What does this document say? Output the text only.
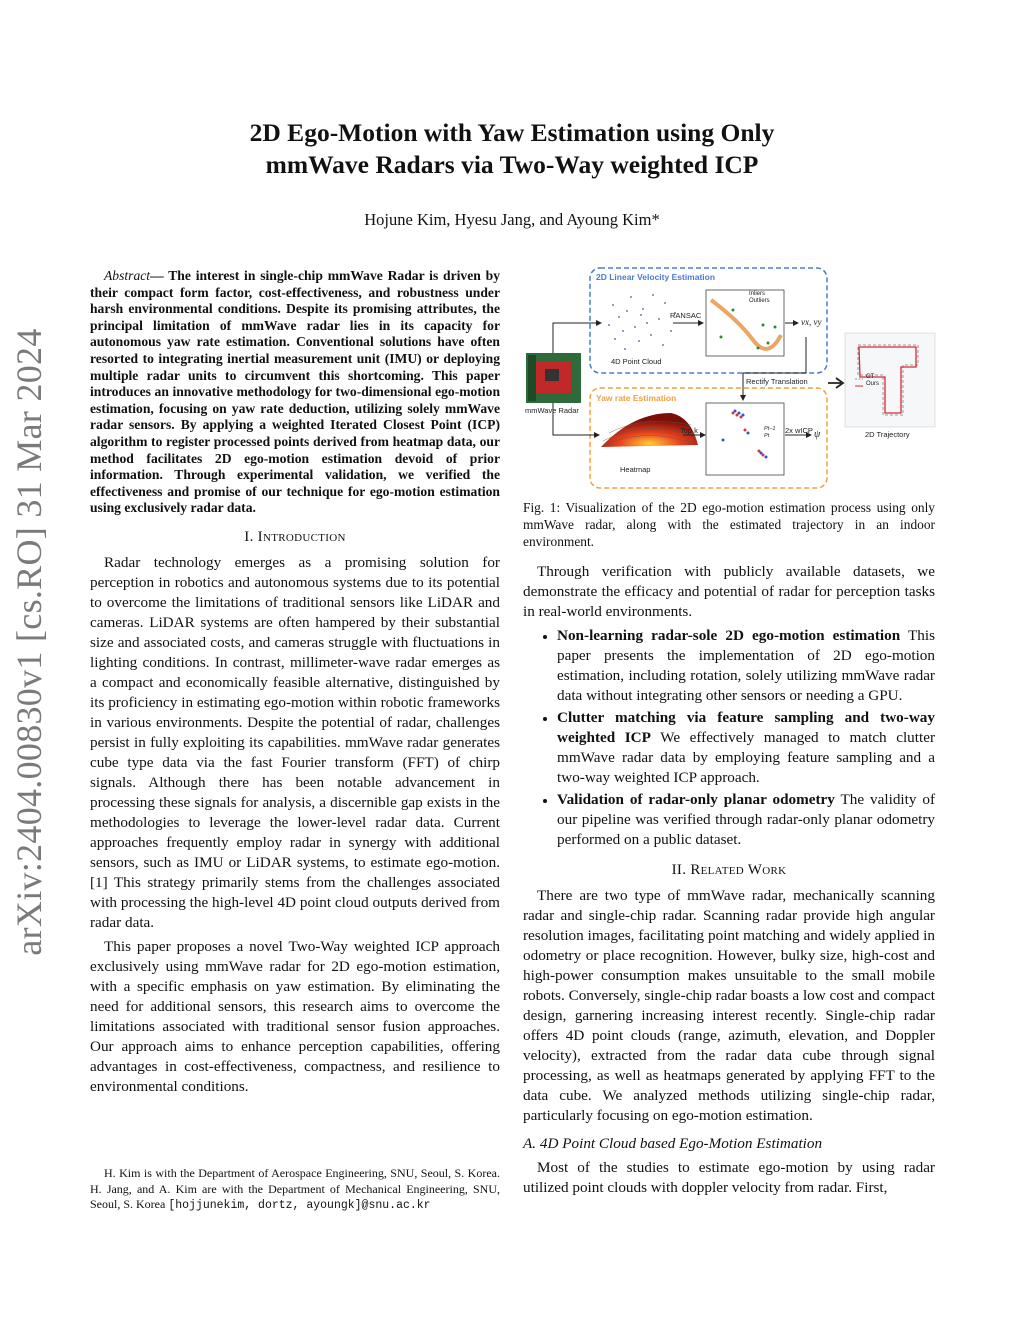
arXiv:2404.00830v1 [cs.RO] 31 Mar 2024
2D Ego-Motion with Yaw Estimation using Only
mmWave Radars via Two-Way weighted ICP
Hojune Kim, Hyesu Jang, and Ayoung Kim*

Abstract— The interest in single-chip mmWave Radar is driven by their compact form factor, cost-effectiveness, and robustness under harsh environmental conditions. Despite its promising attributes, the principal limitation of mmWave radar lies in its capacity for autonomous yaw rate estimation. Conventional solutions have often resorted to integrating inertial measurement unit (IMU) or deploying multiple radar units to circumvent this shortcoming. This paper introduces an innovative methodology for two-dimensional ego-motion estimation, focusing on yaw rate deduction, utilizing solely mmWave radar sensors. By applying a weighted Iterated Closest Point (ICP) algorithm to register processed points derived from heatmap data, our method facilitates 2D ego-motion estimation devoid of prior information. Through experimental validation, we verified the effectiveness and promise of our technique for ego-motion estimation using exclusively radar data.

I. Introduction

Radar technology emerges as a promising solution for perception in robotics and autonomous systems due to its potential to overcome the limitations of traditional sensors like LiDAR and cameras. LiDAR systems are often hampered by their substantial size and associated costs, and cameras struggle with fluctuations in lighting conditions. In contrast, millimeter-wave radar emerges as a compact and economically feasible alternative, distinguished by its proficiency in estimating ego-motion within robotic frameworks in various environments. Despite the potential of radar, challenges persist in fully exploiting its capabilities. mmWave radar generates cube type data via the fast Fourier transform (FFT) of chirp signals. Although there has been notable advancement in processing these signals for analysis, a discernible gap exists in the methodologies to leverage the lower-level radar data. Current approaches frequently employ radar in synergy with additional sensors, such as IMU or LiDAR systems, to estimate ego-motion.[1] This strategy primarily stems from the challenges associated with processing the high-level 4D point cloud outputs derived from radar data.

This paper proposes a novel Two-Way weighted ICP approach exclusively using mmWave radar for 2D ego-motion estimation, with a specific emphasis on yaw estimation. By eliminating the need for additional sensors, this research aims to overcome the limitations associated with traditional sensor fusion approaches. Our approach aims to enhance perception capabilities, offering advantages in cost-effectiveness, compactness, and resilience to environmental conditions.

H. Kim is with the Department of Aerospace Engineering, SNU, Seoul, S. Korea. H. Jang, and A. Kim are with the Department of Mechanical Engineering, SNU, Seoul, S. Korea [hojjunekim, dortz, ayoungk]@snu.ac.kr
2D Linear Velocity Estimation
Yaw rate Estimation
4D Point Cloud
RANSAC
Inliers
Outliers
vx, vy
mmWave Radar
Rectify Translation
Top k	2x wICP ψ
Heatmap
Pt−1
Pt
GT
Ours
2D Trajectory
Fig. 1: Visualization of the 2D ego-motion estimation process using only mmWave radar, along with the estimated trajectory in an indoor environment.

Through verification with publicly available datasets, we demonstrate the efficacy and potential of radar for perception tasks in real-world environments.

• Non-learning radar-sole 2D ego-motion estimation This paper presents the implementation of 2D ego-motion estimation, including rotation, solely utilizing mmWave radar data without integrating other sensors or needing a GPU.
• Clutter matching via feature sampling and two-way weighted ICP We effectively managed to match clutter mmWave radar data by employing feature sampling and a two-way weighted ICP approach.
• Validation of radar-only planar odometry The validity of our pipeline was verified through radar-only planar odometry performed on a public dataset.
II. Related Work

There are two type of mmWave radar, mechanically scanning radar and single-chip radar. Scanning radar provide high angular resolution images, facilitating point matching and widely applied in odometry or place recognition. However, bulky size, high-cost and high-power consumption makes unsuitable to the small mobile robots. Conversely, single-chip radar boasts a low cost and compact design, garnering increasing interest recently. Single-chip radar offers 4D point clouds (range, azimuth, elevation, and Doppler velocity), extracted from the radar data cube through signal processing, as well as heatmaps generated by applying FFT to the data cube. We analyzed methods utilizing single-chip radar, particularly focusing on ego-motion estimation.

A. 4D Point Cloud based Ego-Motion Estimation

Most of the studies to estimate ego-motion by using radar utilized point clouds with doppler velocity from radar. First,
